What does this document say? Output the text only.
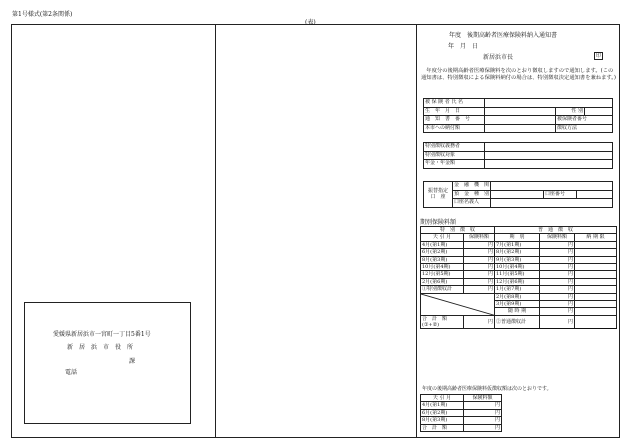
第1号様式(第2条関係)
(表)
愛媛県新居浜市一宮町一丁目5番1号
新　居　浜　市　役　所
課
電話
年度　後期高齢者医療保険料納入通知書
年　月　日
新居浜市長	印
　年度分の後期高齢者医療保険料を次のとおり徴収しますので通知します。(この通知書は、特別徴収による保険料納付の場合は、特別徴収決定通知書を兼ねます。)
被 保 険 者 氏 名			
生　年　月　日		性 別	
通　知　書　番　号		被保険者番号	
本市への納付額		徴収方法	
特別徴収義務者	
特別徴収対象	
年金・年金額	
振替指定
口　座	金　融　機　関			
	預　金　種　別		口座番号	
	口座名義人			
期別保険料額
特　別　徴　収		普　通　徴　収		
天 引 月	保険料額	期　別	保険料額	納 期 限
4月(第1期)	円	7月(第1期)	円	
6月(第2期)	円	8月(第2期)	円	
8月(第3期)	円	9月(第3期)	円	
10月(第4期)	円	10月(第4期)	円	
12月(第5期)	円	11月(第5期)	円	
2月(第6期)	円	12月(第6期)	円	
①特別徴収計	円	1月(第7期)	円	

	2月(第8期)	円	
		3月(第9期)	円	
		随 時 期	円	

合　計　額
(①+②)	円	②普通徴収計	円	

年度の後期高齢者医療保険料仮徴収額は次のとおりです。
天 引 月	保険料額
4月(第1期)	円
6月(第2期)	円
8月(第3期)	円
合　計　額	円
